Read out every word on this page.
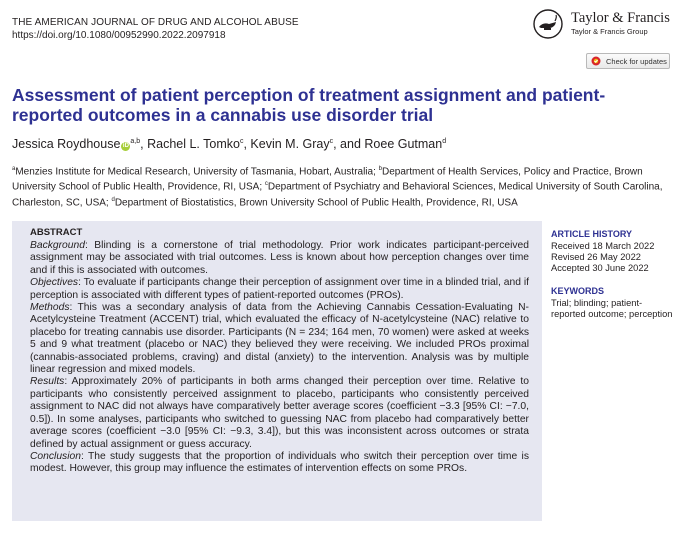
THE AMERICAN JOURNAL OF DRUG AND ALCOHOL ABUSE
https://doi.org/10.1080/00952990.2022.2097918
Taylor & Francis
Taylor & Francis Group
Check for updates
Assessment of patient perception of treatment assignment and patient-reported outcomes in a cannabis use disorder trial
Jessica Roydhouse iD$^{a,b}$, Rachel L. Tomko$^c$, Kevin M. Gray$^c$, and Roee Gutman$^d$

$^a$Menzies Institute for Medical Research, University of Tasmania, Hobart, Australia; $^b$Department of Health Services, Policy and Practice, Brown University School of Public Health, Providence, RI, USA; $^c$Department of Psychiatry and Behavioral Sciences, Medical University of South Carolina, Charleston, SC, USA; $^d$Department of Biostatistics, Brown University School of Public Health, Providence, RI, USA

ABSTRACT

Background: Blinding is a cornerstone of trial methodology. Prior work indicates participant-perceived assignment may be associated with trial outcomes. Less is known about how perception changes over time and if this is associated with outcomes.

Objectives: To evaluate if participants change their perception of assignment over time in a blinded trial, and if perception is associated with different types of patient-reported outcomes (PROs).

Methods: This was a secondary analysis of data from the Achieving Cannabis Cessation-Evaluating N-Acetylcysteine Treatment (ACCENT) trial, which evaluated the efficacy of N-acetylcysteine (NAC) relative to placebo for treating cannabis use disorder. Participants (N = 234; 164 men, 70 women) were asked at weeks 5 and 9 what treatment (placebo or NAC) they believed they were receiving. We included PROs proximal (cannabis-associated problems, craving) and distal (anxiety) to the intervention. Analysis was by multiple linear regression and mixed models.

Results: Approximately 20% of participants in both arms changed their perception over time. Relative to participants who consistently perceived assignment to placebo, participants who consistently perceived assignment to NAC did not always have comparatively better average scores (coefficient −3.3 [95% CI: −7.0, 0.5]). In some analyses, participants who switched to guessing NAC from placebo had comparatively better average scores (coefficient −3.0 [95% CI: −9.3, 3.4]), but this was inconsistent across outcomes or strata defined by actual assignment or guess accuracy.

Conclusion: The study suggests that the proportion of individuals who switch their perception over time is modest. However, this group may influence the estimates of intervention effects on some PROs.

ARTICLE HISTORY
Received 18 March 2022
Revised 26 May 2022
Accepted 30 June 2022
KEYWORDS
Trial; blinding; patient-reported outcome; perception
